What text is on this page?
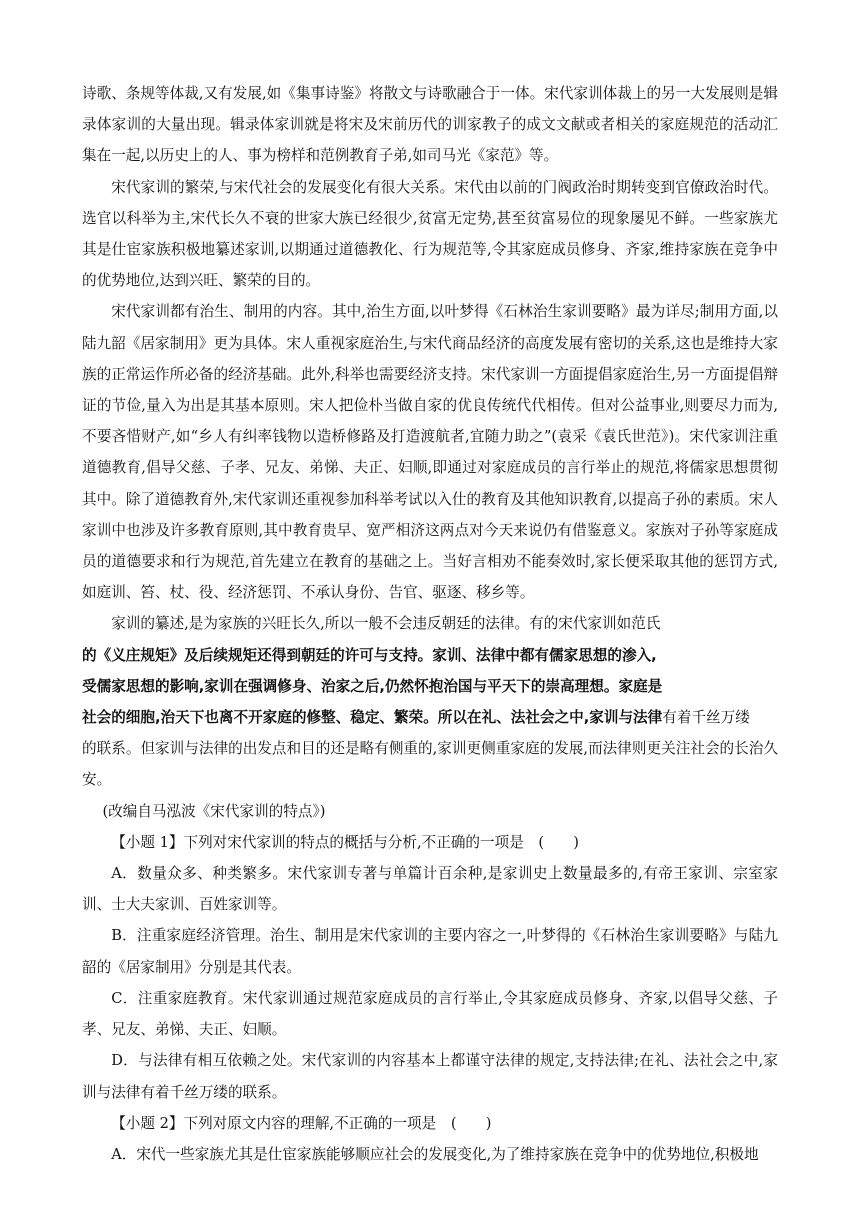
诗歌、条规等体裁,又有发展,如《集事诗鉴》将散文与诗歌融合于一体。宋代家训体裁上的另一大发展则是辑录体家训的大量出现。辑录体家训就是将宋及宋前历代的训家教子的成文文献或者相关的家庭规范的活动汇集在一起,以历史上的人、事为榜样和范例教育子弟,如司马光《家范》等。

宋代家训的繁荣,与宋代社会的发展变化有很大关系。宋代由以前的门阀政治时期转变到官僚政治时代。选官以科举为主,宋代长久不衰的世家大族已经很少,贫富无定势,甚至贫富易位的现象屡见不鲜。一些家族尤其是仕宦家族积极地纂述家训,以期通过道德教化、行为规范等,令其家庭成员修身、齐家,维持家族在竞争中的优势地位,达到兴旺、繁荣的目的。

宋代家训都有治生、制用的内容。其中,治生方面,以叶梦得《石林治生家训要略》最为详尽;制用方面,以陆九韶《居家制用》更为具体。宋人重视家庭治生,与宋代商品经济的高度发展有密切的关系,这也是维持大家族的正常运作所必备的经济基础。此外,科举也需要经济支持。宋代家训一方面提倡家庭治生,另一方面提倡辩证的节俭,量入为出是其基本原则。宋人把俭朴当做自家的优良传统代代相传。但对公益事业,则要尽力而为,不要吝惜财产,如“乡人有纠率钱物以造桥修路及打造渡航者,宜随力助之”(袁采《袁氏世范》)。宋代家训注重道德教育,倡导父慈、子孝、兄友、弟悌、夫正、妇顺,即通过对家庭成员的言行举止的规范,将儒家思想贯彻其中。除了道德教育外,宋代家训还重视参加科举考试以入仕的教育及其他知识教育,以提高子孙的素质。宋人家训中也涉及许多教育原则,其中教育贵早、宽严相济这两点对今天来说仍有借鉴意义。家族对子孙等家庭成员的道德要求和行为规范,首先建立在教育的基础之上。当好言相劝不能奏效时,家长便采取其他的惩罚方式,如庭训、笞、杖、役、经济惩罚、不承认身份、告官、驱逐、移乡等。

家训的纂述,是为家族的兴旺长久,所以一般不会违反朝廷的法律。有的宋代家训如范氏

的《义庄规矩》及后续规矩还得到朝廷的许可与支持。家训、法律中都有儒家思想的渗入,

受儒家思想的影响,家训在强调修身、治家之后,仍然怀抱治国与平天下的崇高理想。家庭是

社会的细胞,治天下也离不开家庭的修整、稳定、繁荣。所以在礼、法社会之中,家训与法律有着千丝万缕

的联系。但家训与法律的出发点和目的还是略有侧重的,家训更侧重家庭的发展,而法律则更关注社会的长治久安。

(改编自马泓波《宋代家训的特点》)

【小题 1】下列对宋代家训的特点的概括与分析,不正确的一项是　(　　)

A．数量众多、种类繁多。宋代家训专著与单篇计百余种,是家训史上数量最多的,有帝王家训、宗室家训、士大夫家训、百姓家训等。

B．注重家庭经济管理。治生、制用是宋代家训的主要内容之一,叶梦得的《石林治生家训要略》与陆九韶的《居家制用》分别是其代表。

C．注重家庭教育。宋代家训通过规范家庭成员的言行举止,令其家庭成员修身、齐家,以倡导父慈、子孝、兄友、弟悌、夫正、妇顺。

D．与法律有相互依赖之处。宋代家训的内容基本上都谨守法律的规定,支持法律;在礼、法社会之中,家训与法律有着千丝万缕的联系。

【小题 2】下列对原文内容的理解,不正确的一项是　(　　)

A．宋代一些家族尤其是仕宦家族能够顺应社会的发展变化,为了维持家族在竞争中的优势地位,积极地
